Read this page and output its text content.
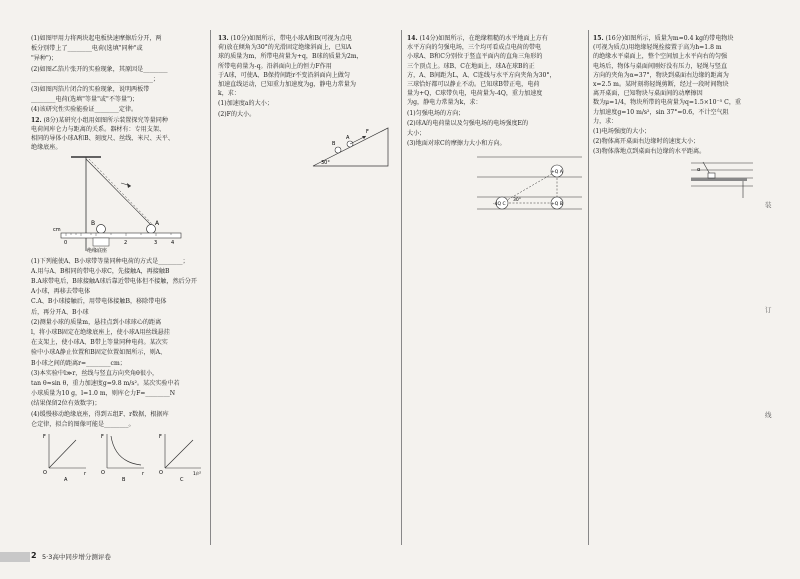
(1)如图甲用力将两块起电板快速摩擦后分开，两

板分别带上了________电荷(选填"同种"或

"异种")；

(2)如图乙箔片张开的实验现象，其原因是________

________________________________________；

(3)如图丙箔片闭合的实验现象，说明两板带

________电荷(选填"等量"或"不等量")；

(4)该研究性实验能验证________定律。

12. (8分)某研究小组用如图所示装置探究等量同种
电荷间库仑力与距离的关系。器材有：专用支架、
相同的导体小球A和B、刻度尺、丝线、米尺、天平、
绝缘底座。

B	A
cm
0	2	3	4
绝缘底座

(1)下列能使A、B小球带等量同种电荷的方式是________；

A.用与A、B相同的带电小球C，先接触A，再接触B

B.A球带电后，B球接触A球后靠近带电体但不接触，然后分开

A小球，再移去带电体

C.A、B小球接触后，用带电体接触B，移除带电体

后，再分开A、B小球

(2)测量小球的质量m，悬挂点到小球球心的距离

l，将小球B固定在绝缘底座上，使小球A用丝线悬挂

在支架上，使小球A、B带上等量同种电荷。某次实

验中小球A静止位置和B固定位置如图所示，则A、

B小球之间的距离r=________cm；

(3)本实验中l≫r，丝线与竖直方向夹角θ很小，

tan θ≈sin θ，重力加速度g=9.8 m/s²。某次实验中若

小球质量为10 g，l=1.0 m，则库仑力F=________N

(结果保留2位有效数字)；

(4)缓慢移动绝缘底座，得到五组F、r数据，根据库

仑定律，拟合的图像可能是________。

F
O	r
A
F
O	r
B
F
O	1/r²
C

13. (10分)如图所示，带电小球A和B(可视为点电
荷)放在倾角为30°的光滑固定绝缘斜面上，已知A
球的质量为m，所带电荷量为+q，B球的质量为2m，
所带电荷量为-q。沿斜面向上的恒力F作用
于A球，可使A、B保持间距r不变沿斜面向上做匀
加速直线运动，已知重力加速度为g，静电力常量为
k，求：

(1)加速度a的大小；

(2)F的大小。

F
A
B
30°

14. (14分)如图所示，在绝缘粗糙的水平地面上方有
水平方向的匀强电场，三个均可看成点电荷的带电
小球A、B和C分别位于竖直平面内的直角三角形的
三个顶点上。球B、C在地面上，球A在球B的正
方，A、B间距为L，A、C连线与水平方向夹角为30°，
三球恰好都可以静止不动。已知球B带正电，电荷
量为+Q，C球带负电，电荷量为-4Q，重力加速度
为g，静电力常量为k，求：

(1)匀强电场的方向；

(2)球A的电荷量以及匀强电场的电场强度E的

大小；

(3)地面对球C的摩擦力大小和方向。

+Q A
+Q B
-4Q C
30°

15. (16分)如图所示，质量为m=0.4 kg的带电物块
(可视为质点)用绝缘轻绳拴接置于高为h=1.8 m
的绝缘水平桌面上，整个空间加上水平向右的匀强
电场后，物体与桌面间刚好没有压力，轻绳与竖直
方向的夹角为α=37°，物块到桌面右边缘的距离为
x=2.5 m。某时刻将轻绳剪断，经过一段时间物块
离开桌面，已知物块与桌面间的动摩擦因
数为μ=1/4，物块所带的电荷量为q=1.5×10⁻⁵ C，重
力加速度g=10 m/s²，sin 37°=0.6，不计空气阻
力，求：

(1)电场强度的大小；

(2)物体离开桌面右边缘时的速度大小；

(3)物体落地点到桌面右边缘的水平距离。

α
装
订
线
2 5·3高中同步增分测评卷
